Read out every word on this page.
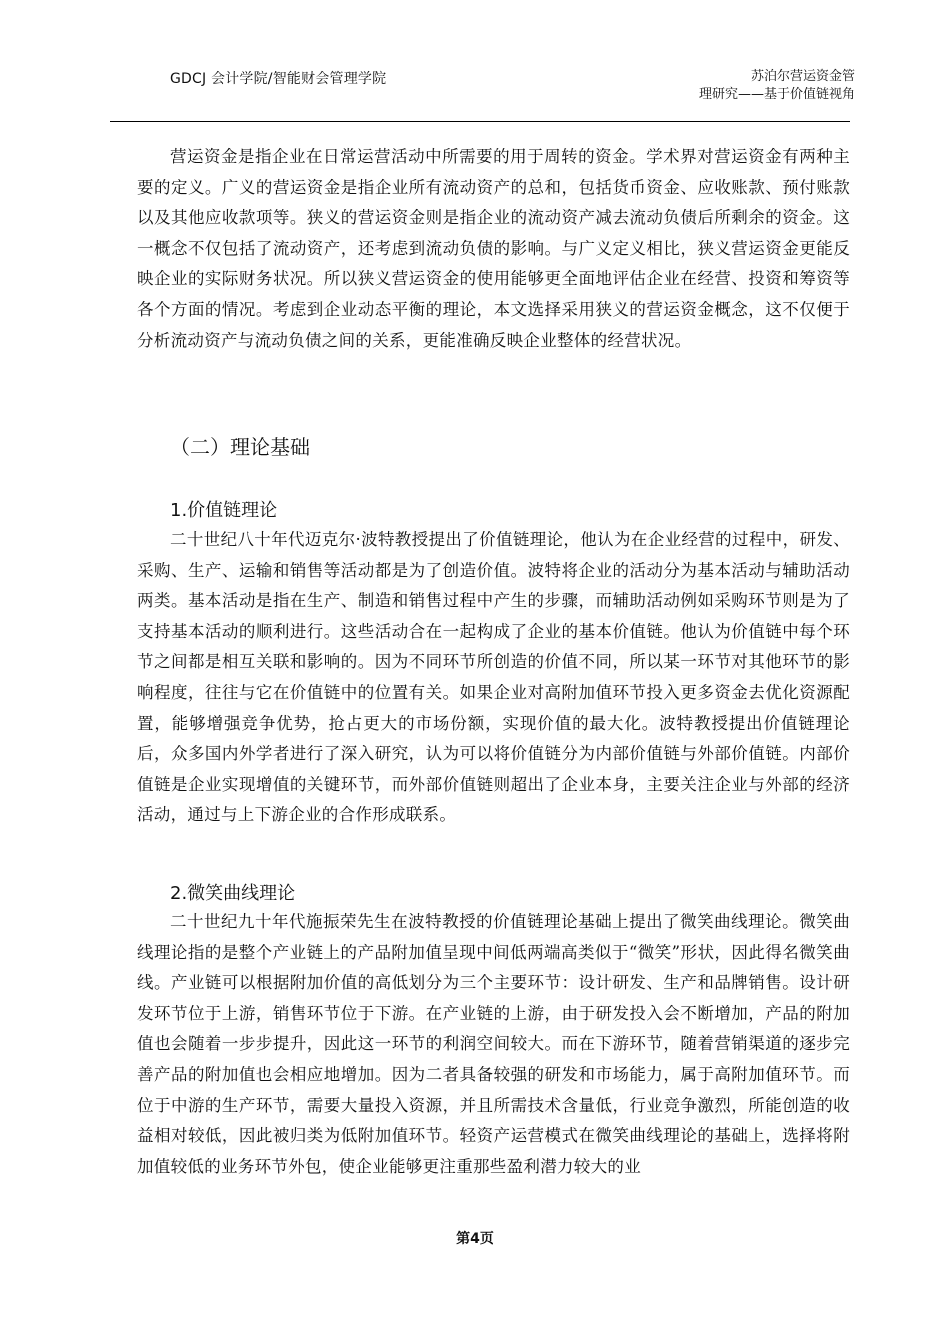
GDCJ 会计学院/智能财会管理学院	苏泊尔营运资金管
理研究——基于价值链视角

营运资金是指企业在日常运营活动中所需要的用于周转的资金。学术界对营运资金有两种主要的定义。广义的营运资金是指企业所有流动资产的总和，包括货币资金、应收账款、预付账款以及其他应收款项等。狭义的营运资金则是指企业的流动资产减去流动负债后所剩余的资金。这一概念不仅包括了流动资产，还考虑到流动负债的影响。与广义定义相比，狭义营运资金更能反映企业的实际财务状况。所以狭义营运资金的使用能够更全面地评估企业在经营、投资和筹资等各个方面的情况。考虑到企业动态平衡的理论，本文选择采用狭义的营运资金概念，这不仅便于分析流动资产与流动负债之间的关系，更能准确反映企业整体的经营状况。

（二）理论基础
1.价值链理论

二十世纪八十年代迈克尔·波特教授提出了价值链理论，他认为在企业经营的过程中，研发、采购、生产、运输和销售等活动都是为了创造价值。波特将企业的活动分为基本活动与辅助活动两类。基本活动是指在生产、制造和销售过程中产生的步骤，而辅助活动例如采购环节则是为了支持基本活动的顺利进行。这些活动合在一起构成了企业的基本价值链。他认为价值链中每个环节之间都是相互关联和影响的。因为不同环节所创造的价值不同，所以某一环节对其他环节的影响程度，往往与它在价值链中的位置有关。如果企业对高附加值环节投入更多资金去优化资源配置，能够增强竞争优势，抢占更大的市场份额，实现价值的最大化。波特教授提出价值链理论后，众多国内外学者进行了深入研究，认为可以将价值链分为内部价值链与外部价值链。内部价值链是企业实现增值的关键环节，而外部价值链则超出了企业本身，主要关注企业与外部的经济活动，通过与上下游企业的合作形成联系。

2.微笑曲线理论

二十世纪九十年代施振荣先生在波特教授的价值链理论基础上提出了微笑曲线理论。微笑曲线理论指的是整个产业链上的产品附加值呈现中间低两端高类似于“微笑”形状，因此得名微笑曲线。产业链可以根据附加价值的高低划分为三个主要环节：设计研发、生产和品牌销售。设计研发环节位于上游，销售环节位于下游。在产业链的上游，由于研发投入会不断增加，产品的附加值也会随着一步步提升，因此这一环节的利润空间较大。而在下游环节，随着营销渠道的逐步完善产品的附加值也会相应地增加。因为二者具备较强的研发和市场能力，属于高附加值环节。而位于中游的生产环节，需要大量投入资源，并且所需技术含量低，行业竞争激烈，所能创造的收益相对较低，因此被归类为低附加值环节。轻资产运营模式在微笑曲线理论的基础上，选择将附加值较低的业务环节外包，使企业能够更注重那些盈利潜力较大的业

第4页
